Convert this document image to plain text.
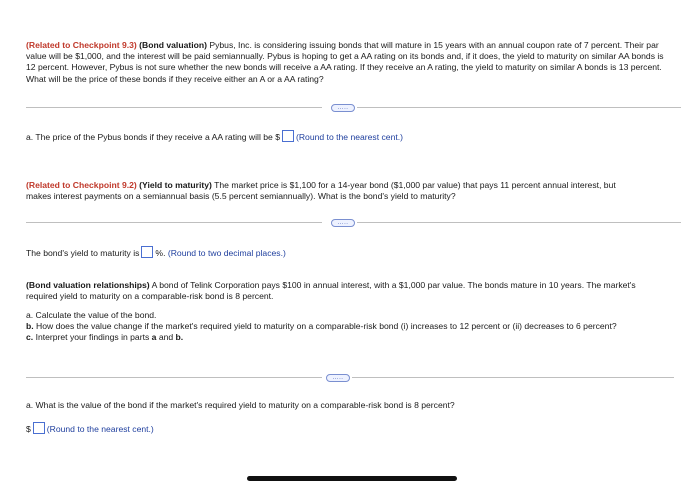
(Related to Checkpoint 9.3) (Bond valuation) Pybus, Inc. is considering issuing bonds that will mature in 15 years with an annual coupon rate of 7 percent. Their par value will be $1,000, and the interest will be paid semiannually. Pybus is hoping to get a AA rating on its bonds and, if it does, the yield to maturity on similar AA bonds is 12 percent. However, Pybus is not sure whether the new bonds will receive a AA rating. If they receive an A rating, the yield to maturity on similar A bonds is 13 percent. What will be the price of these bonds if they receive either an A or a AA rating?
.....
a. The price of the Pybus bonds if they receive a AA rating will be $ (Round to the nearest cent.)
(Related to Checkpoint 9.2) (Yield to maturity) The market price is $1,100 for a 14-year bond ($1,000 par value) that pays 11 percent annual interest, but makes interest payments on a semiannual basis (5.5 percent semiannually). What is the bond's yield to maturity?
.....
The bond's yield to maturity is %. (Round to two decimal places.)
(Bond valuation relationships) A bond of Telink Corporation pays $100 in annual interest, with a $1,000 par value. The bonds mature in 10 years. The market's required yield to maturity on a comparable-risk bond is 8 percent.
a. Calculate the value of the bond.
b. How does the value change if the market's required yield to maturity on a comparable-risk bond (i) increases to 12 percent or (ii) decreases to 6 percent?
c. Interpret your findings in parts a and b.
.....
a. What is the value of the bond if the market's required yield to maturity on a comparable-risk bond is 8 percent?
$ (Round to the nearest cent.)
